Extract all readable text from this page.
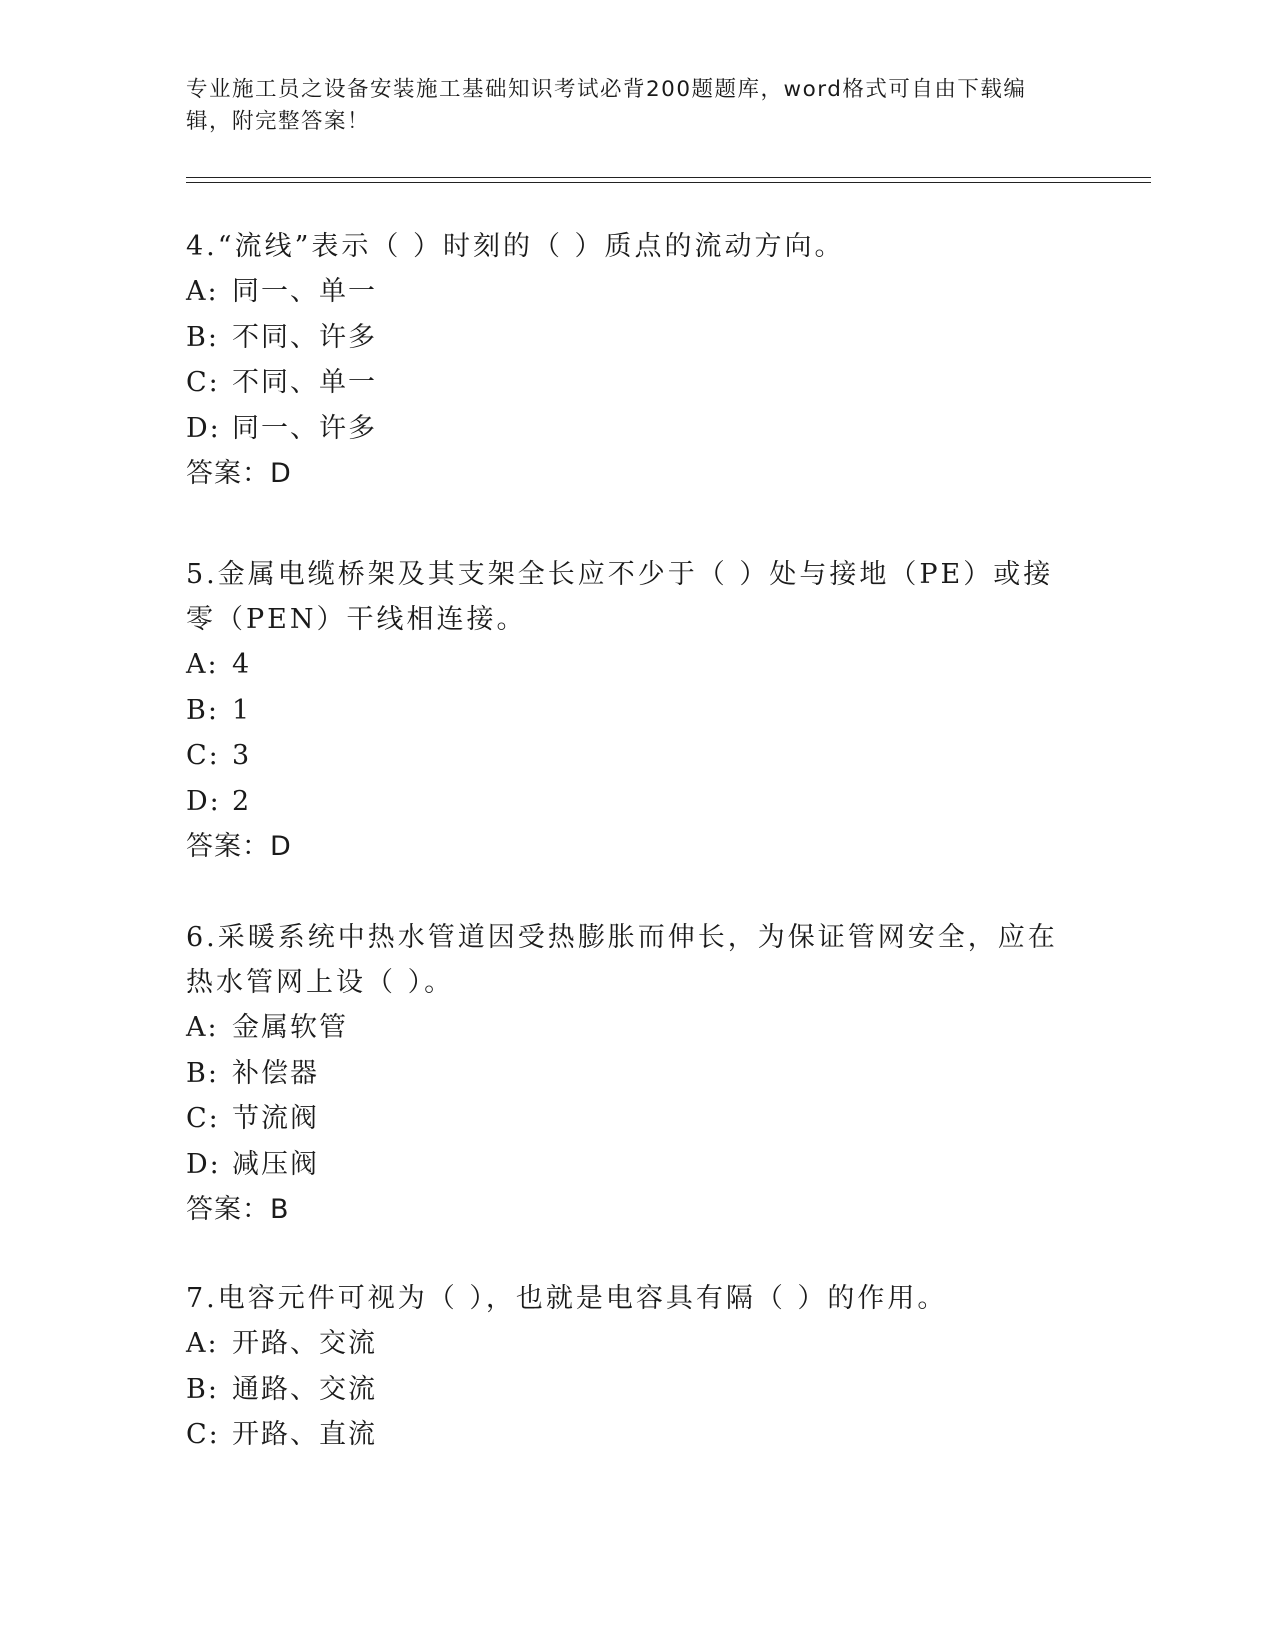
专业施工员之设备安装施工基础知识考试必背200题题库，word格式可自由下载编辑，附完整答案！
4.“流线”表示（ ）时刻的（ ）质点的流动方向。
A: 同一、单一
B: 不同、许多
C: 不同、单一
D: 同一、许多
答案：D
5.金属电缆桥架及其支架全长应不少于（ ）处与接地（PE）或接零（PEN）干线相连接。
A: 4
B: 1
C: 3
D: 2
答案：D
6.采暖系统中热水管道因受热膨胀而伸长，为保证管网安全，应在热水管网上设（ ）。
A: 金属软管
B: 补偿器
C: 节流阀
D: 减压阀
答案：B
7.电容元件可视为（ ），也就是电容具有隔（ ）的作用。
A: 开路、交流
B: 通路、交流
C: 开路、直流
